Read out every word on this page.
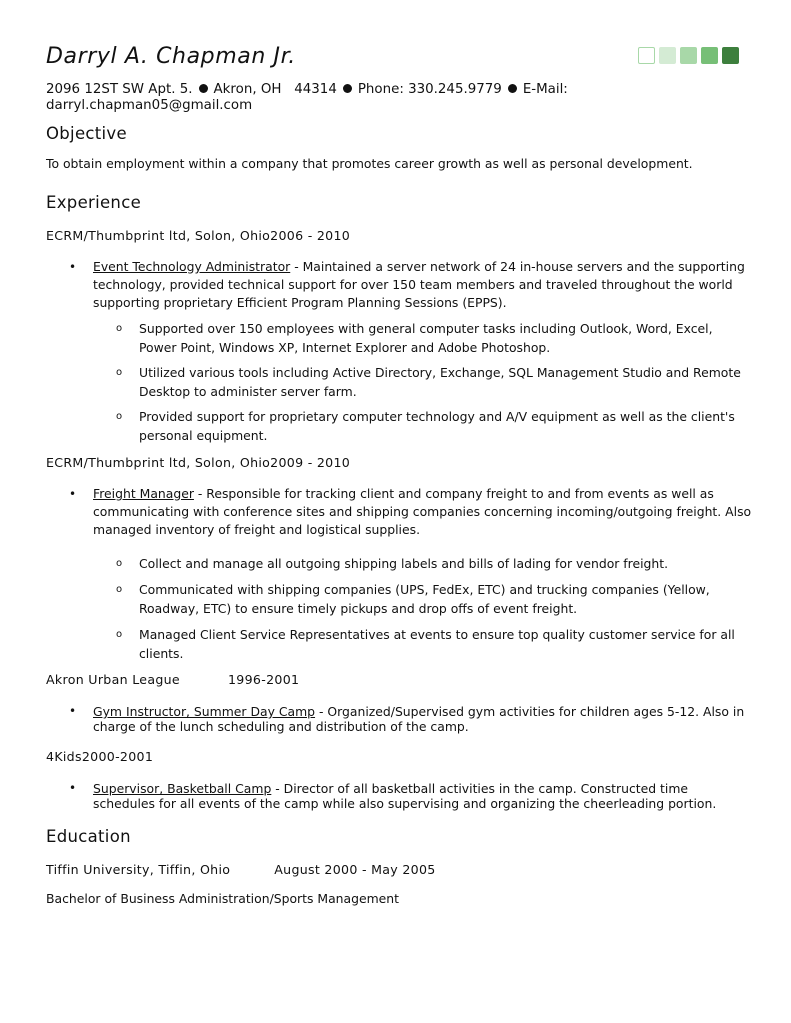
Darryl A. Chapman Jr.
2096 12ST SW Apt. 5. Akron, OH 44314 Phone: 330.245.9779 E-Mail:
darryl.chapman05@gmail.com
Objective
To obtain employment within a company that promotes career growth as well as personal development.
Experience
ECRM/Thumbprint ltd, Solon, Ohio2006 - 2010
• Event Technology Administrator - Maintained a server network of 24 in-house servers and the supporting technology, provided technical support for over 150 team members and traveled throughout the world supporting proprietary Efficient Program Planning Sessions (EPPS).
o Supported over 150 employees with general computer tasks including Outlook, Word, Excel, Power Point, Windows XP, Internet Explorer and Adobe Photoshop.
o Utilized various tools including Active Directory, Exchange, SQL Management Studio and Remote Desktop to administer server farm.
o Provided support for proprietary computer technology and A/V equipment as well as the client's personal equipment.
ECRM/Thumbprint ltd, Solon, Ohio2009 - 2010
• Freight Manager - Responsible for tracking client and company freight to and from events as well as communicating with conference sites and shipping companies concerning incoming/outgoing freight. Also managed inventory of freight and logistical supplies.
o Collect and manage all outgoing shipping labels and bills of lading for vendor freight.
o Communicated with shipping companies (UPS, FedEx, ETC) and trucking companies (Yellow, Roadway, ETC) to ensure timely pickups and drop offs of event freight.
o Managed Client Service Representatives at events to ensure top quality customer service for all clients.
Akron Urban League	1996-2001
• Gym Instructor, Summer Day Camp - Organized/Supervised gym activities for children ages 5-12. Also in charge of the lunch scheduling and distribution of the camp.
4Kids2000-2001
• Supervisor, Basketball Camp - Director of all basketball activities in the camp. Constructed time schedules for all events of the camp while also supervising and organizing the cheerleading portion.
Education
Tiffin University, Tiffin, Ohio	August 2000 - May 2005
Bachelor of Business Administration/Sports Management
